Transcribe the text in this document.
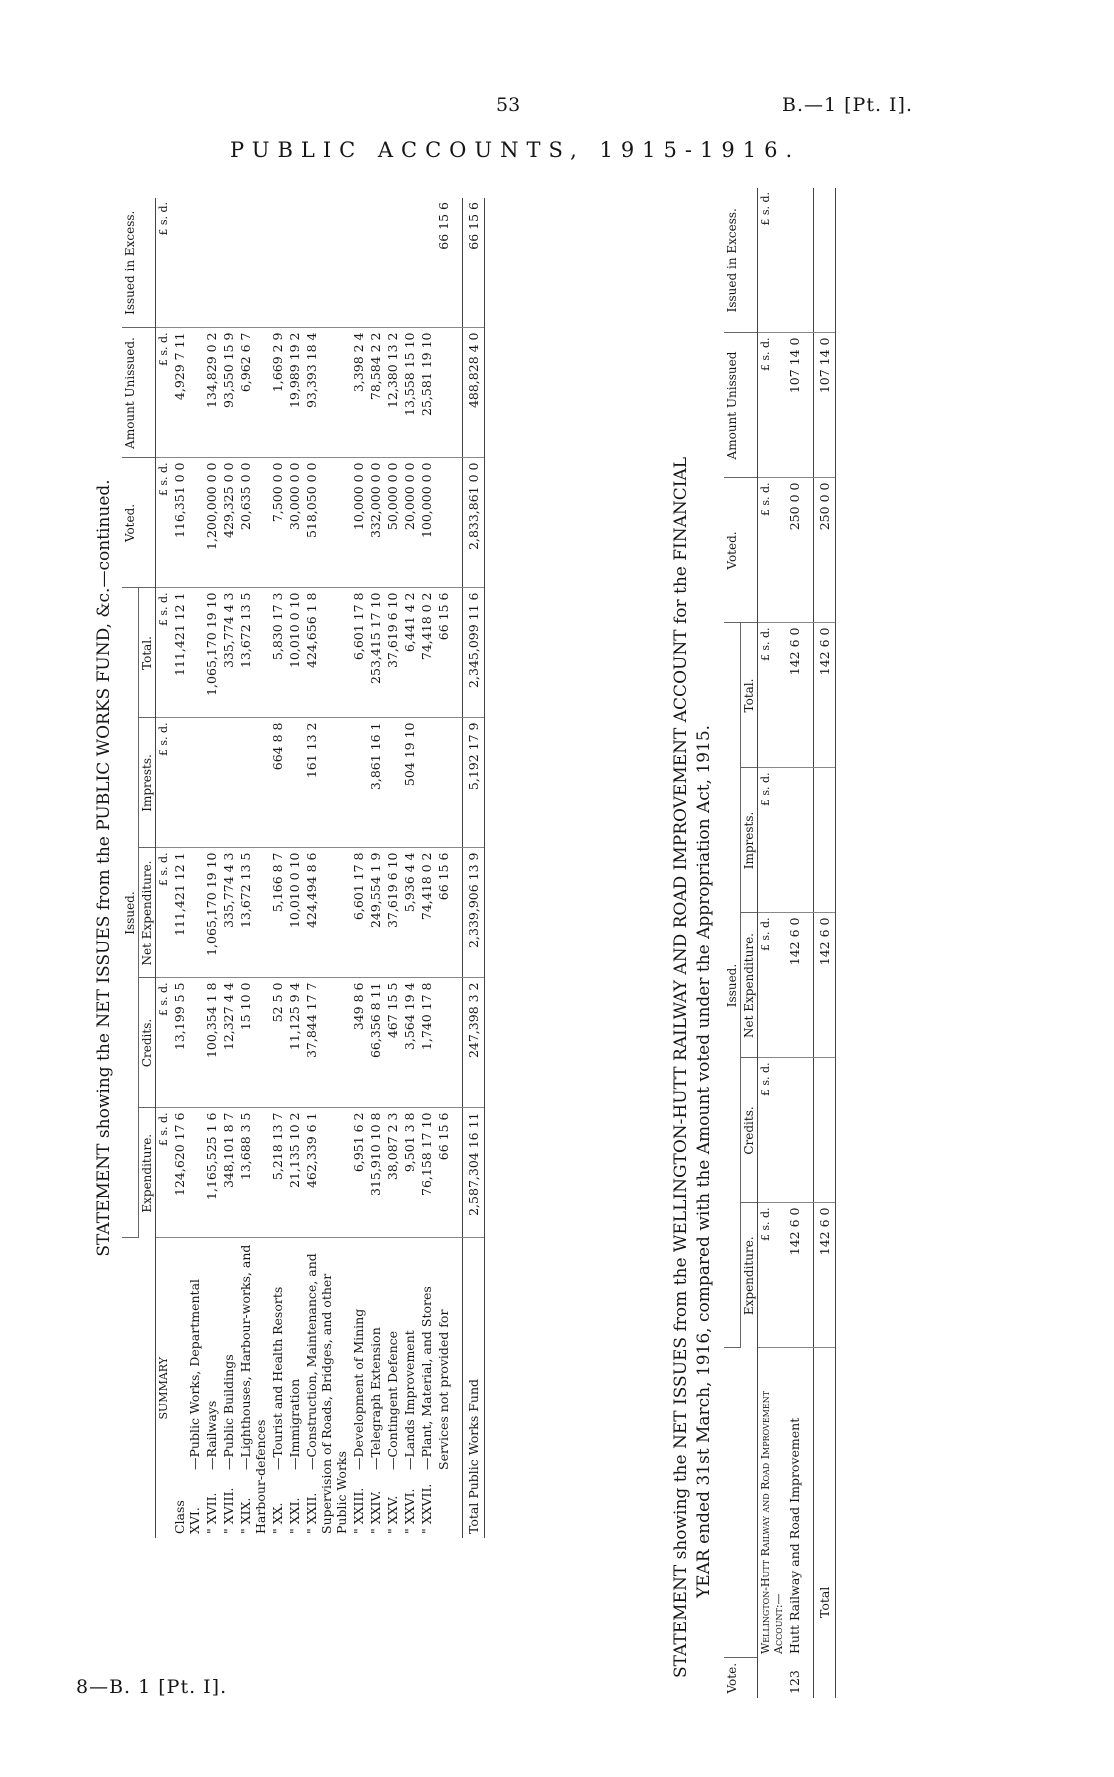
53	B.—1 [Pt. I].
PUBLIC ACCOUNTS, 1915-1916.
STATEMENT showing the NET ISSUES from the PUBLIC WORKS FUND, &c.—continued.
	Issued.					Voted.	Amount Unissued.	Issued in Excess.
	Expenditure.	Credits.	Net Expenditure.	Imprests.	Total.			
SUMMARY	£ s. d.	£ s. d.	£ s. d.	£ s. d.	£ s. d.	£ s. d.	£ s. d.	£ s. d.
Class XVI.—Public Works, Departmental	124,620 17 6	13,199 5 5	111,421 12 1		111,421 12 1	116,351 0 0	4,929 7 11	
" XVII.—Railways	1,165,525 1 6	100,354 1 8	1,065,170 19 10		1,065,170 19 10	1,200,000 0 0	134,829 0 2	
" XVIII.—Public Buildings	348,101 8 7	12,327 4 4	335,774 4 3		335,774 4 3	429,325 0 0	93,550 15 9	
" XIX.—Lighthouses, Harbour-works, and Harbour-defences	13,688 3 5	15 10 0	13,672 13 5		13,672 13 5	20,635 0 0	6,962 6 7	
" XX.—Tourist and Health Resorts	5,218 13 7	52 5 0	5,166 8 7	664 8 8	5,830 17 3	7,500 0 0	1,669 2 9	
" XXI.—Immigration	21,135 10 2	11,125 9 4	10,010 0 10		10,010 0 10	30,000 0 0	19,989 19 2	
" XXII.—Construction, Maintenance, and Supervision of Roads, Bridges, and other Public Works	462,339 6 1	37,844 17 7	424,494 8 6	161 13 2	424,656 1 8	518,050 0 0	93,393 18 4	
" XXIII.—Development of Mining	6,951 6 2	349 8 6	6,601 17 8		6,601 17 8	10,000 0 0	3,398 2 4	
" XXIV.—Telegraph Extension	315,910 10 8	66,356 8 11	249,554 1 9	3,861 16 1	253,415 17 10	332,000 0 0	78,584 2 2	
" XXV.—Contingent Defence	38,087 2 3	467 15 5	37,619 6 10		37,619 6 10	50,000 0 0	12,380 13 2	
" XXVI.—Lands Improvement	9,501 3 8	3,564 19 4	5,936 4 4	504 19 10	6,441 4 2	20,000 0 0	13,558 15 10	
" XXVII.—Plant, Material, and Stores	76,158 17 10	1,740 17 8	74,418 0 2		74,418 0 2	100,000 0 0	25,581 19 10	
Services not provided for	66 15 6		66 15 6		66 15 6			66 15 6

Total Public Works Fund	2,587,304 16 11	247,398 3 2	2,339,906 13 9	5,192 17 9	2,345,099 11 6	2,833,861 0 0	488,828 4 0	66 15 6
STATEMENT showing the NET ISSUES from the WELLINGTON-HUTT RAILWAY AND ROAD IMPROVEMENT ACCOUNT for the FINANCIAL YEAR ended 31st March, 1916, compared with the Amount voted under the Appropriation Act, 1915.
Vote.		Issued.					Voted.	Amount Unissued	Issued in Excess.
		Expenditure.	Credits.	Net Expenditure.	Imprests.	Total.			
	Wellington-Hutt Railway and Road Improvement Account:—	£ s. d.	£ s. d.	£ s. d.	£ s. d.	£ s. d.	£ s. d.	£ s. d.	£ s. d.
123	Hutt Railway and Road Improvement	142 6 0		142 6 0		142 6 0	250 0 0	107 14 0	

	Total	142 6 0		142 6 0		142 6 0	250 0 0	107 14 0	
8—B. 1 [Pt. I].
